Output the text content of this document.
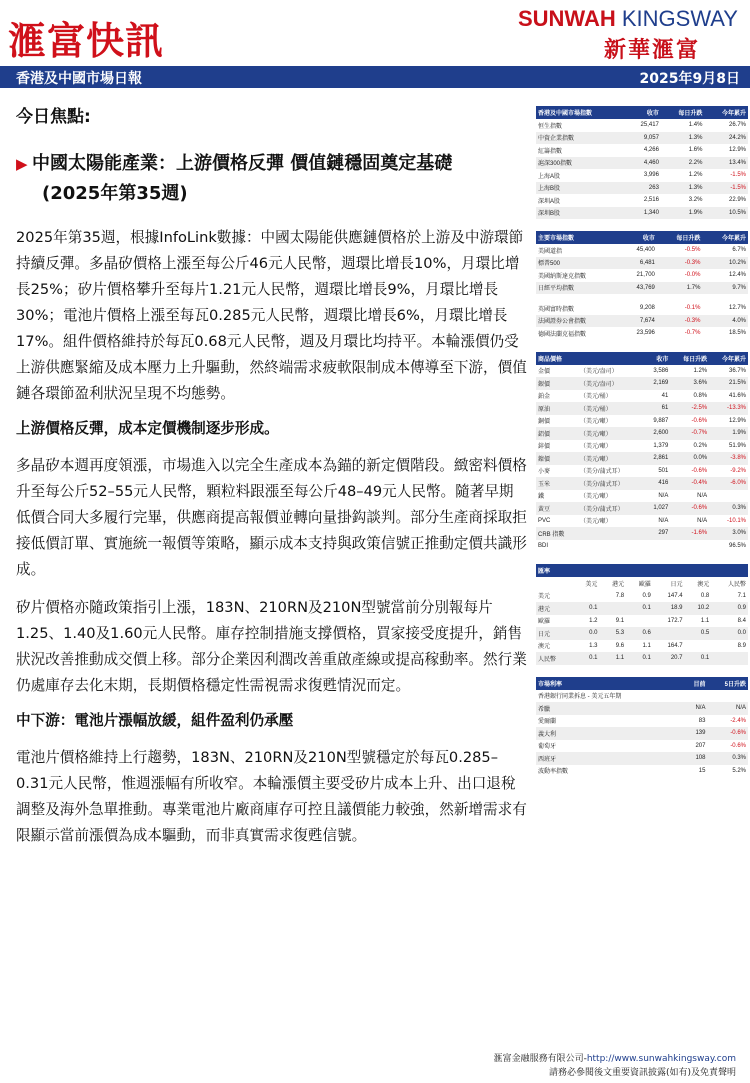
滙富快訊
SUNWAH KINGSWAY
新華滙富
香港及中國市場日報	2025年9月8日
今日焦點:
▶ 中國太陽能產業：上游價格反彈 價值鏈穩固奠定基礎
(2025年第35週)

2025年第35週，根據InfoLink數據：中國太陽能供應鏈價格於上游及中游環節持續反彈。多晶矽價格上漲至每公斤46元人民幣，週環比增長10%，月環比增長25%；矽片價格攀升至每片1.21元人民幣，週環比增長9%，月環比增長30%；電池片價格上漲至每瓦0.285元人民幣，週環比增長6%，月環比增長17%。組件價格維持於每瓦0.68元人民幣，週及月環比均持平。本輪漲價仍受上游供應緊縮及成本壓力上升驅動，然終端需求疲軟限制成本傳導至下游，價值鏈各環節盈利狀況呈現不均態勢。

上游價格反彈，成本定價機制逐步形成。

多晶矽本週再度領漲，市場進入以完全生產成本為錨的新定價階段。緻密料價格升至每公斤52–55元人民幣，顆粒料跟漲至每公斤48–49元人民幣。隨著早期低價合同大多履行完畢，供應商提高報價並轉向量掛鈎談判。部分生產商採取拒接低價訂單、實施統一報價等策略，顯示成本支持與政策信號正推動定價共識形成。

矽片價格亦隨政策指引上漲，183N、210RN及210N型號當前分別報每片1.25、1.40及1.60元人民幣。庫存控制措施支撐價格，買家接受度提升，銷售狀況改善推動成交價上移。部分企業因利潤改善重啟產線或提高稼動率。然行業仍處庫存去化末期，長期價格穩定性需視需求復甦情況而定。

中下游：電池片漲幅放緩，組件盈利仍承壓

電池片價格維持上行趨勢，183N、210RN及210N型號穩定於每瓦0.285–0.31元人民幣，惟週漲幅有所收窄。本輪漲價主要受矽片成本上升、出口退稅調整及海外急單推動。專業電池片廠商庫存可控且議價能力較強，然新增需求有限顯示當前漲價為成本驅動，而非真實需求復甦信號。

香港及中國市場指數	收市	每日升跌	今年累升
恒生指數	25,417	1.4%	26.7%
中資企業指數	9,057	1.3%	24.2%
紅籌指數	4,266	1.6%	12.9%
滬深300指數	4,460	2.2%	13.4%
上海A股	3,996	1.2%	-1.5%
上海B股	263	1.3%	-1.5%
深圳A股	2,516	3.2%	22.9%
深圳B股	1,340	1.9%	10.5%
主要市場指數	收市	每日升跌	今年累升
美國道指	45,400	-0.5%	6.7%
標普500	6,481	-0.3%	10.2%
美國納斯達克指數	21,700	-0.0%	12.4%
日經平均指數	43,769	1.7%	9.7%

英國富時指數	9,208	-0.1%	12.7%
法國證券公會指數	7,674	-0.3%	4.0%
德國法蘭克福指數	23,596	-0.7%	18.5%
商品價格		收市	每日升跌	今年累升
金價	（美元/盎司）	3,586	1.2%	36.7%
銀價	（美元/盎司）	2,169	3.6%	21.5%
鉑金	（美元/桶）	41	0.8%	41.6%
原油	（美元/桶）	61	-2.5%	-13.3%
銅價	（美元/噸）	9,887	-0.6%	12.9%
鋁價	（美元/噸）	2,600	-0.7%	1.9%
鋅價	（美元/噸）	1,379	0.2%	51.9%
鎳價	（美元/噸）	2,861	0.0%	-3.8%
小麥	（美分/蒲式耳）	501	-0.6%	-9.2%
玉米	（美分/蒲式耳）	416	-0.4%	-6.0%
鐵	（美元/噸）	N/A	N/A	
黃豆	（美分/蒲式耳）	1,027	-0.6%	0.3%
PVC	（美元/噸）	N/A	N/A	-10.1%
CRB 指數		297	-1.6%	3.0%
BDI				96.5%
匯率						
	美元	港元	歐羅	日元	澳元	人民幣
美元		7.8	0.9	147.4	0.8	7.1
港元	0.1		0.1	18.9	10.2	0.9
歐羅	1.2	9.1		172.7	1.1	8.4
日元	0.0	5.3	0.6		0.5	0.0
澳元	1.3	9.6	1.1	164.7		8.9
人民幣	0.1	1.1	0.1	20.7	0.1	
市場利率		目前	5日升跌
香港銀行同業拆息 - 美元五年期			
希臘		N/A	N/A
愛爾蘭		83	-2.4%
義大利		139	-0.6%
葡萄牙		207	-0.6%
西班牙		108	0.3%
波動率指數		15	5.2%
滙富金融服務有限公司-http://www.sunwahkingsway.com
請務必參閱後文重要資訊披露(如有)及免責聲明
